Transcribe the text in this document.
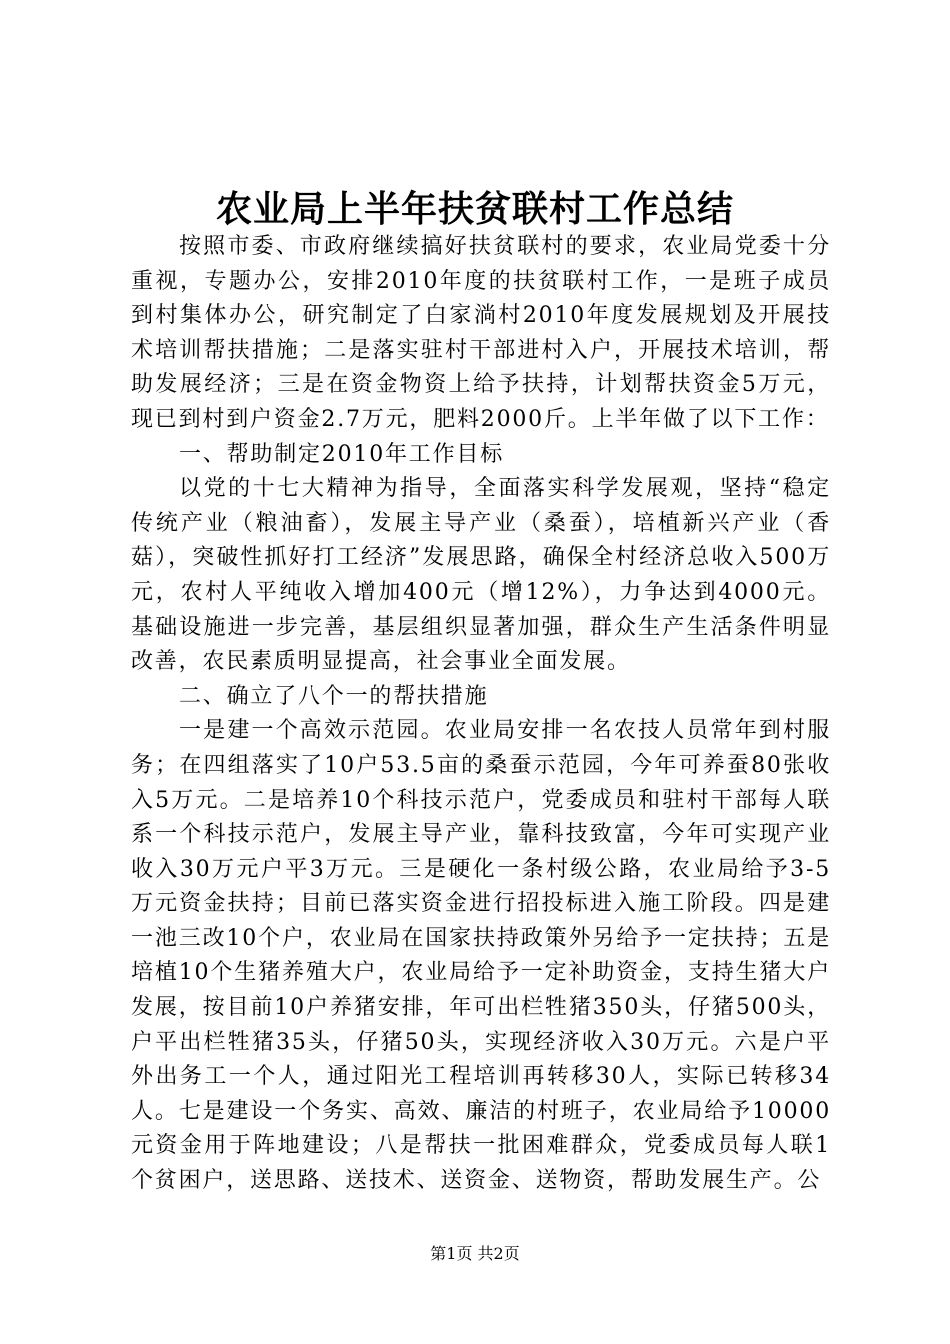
农业局上半年扶贫联村工作总结

按照市委、市政府继续搞好扶贫联村的要求，农业局党委十分重视，专题办公，安排2010年度的扶贫联村工作，一是班子成员到村集体办公，研究制定了白家淌村2010年度发展规划及开展技术培训帮扶措施；二是落实驻村干部进村入户，开展技术培训，帮助发展经济；三是在资金物资上给予扶持，计划帮扶资金5万元，现已到村到户资金2.7万元，肥料2000斤。上半年做了以下工作：

一、帮助制定2010年工作目标

以党的十七大精神为指导，全面落实科学发展观，坚持“稳定传统产业（粮油畜），发展主导产业（桑蚕），培植新兴产业（香菇），突破性抓好打工经济”发展思路，确保全村经济总收入500万元，农村人平纯收入增加400元（增12%），力争达到4000元。基础设施进一步完善，基层组织显著加强，群众生产生活条件明显改善，农民素质明显提高，社会事业全面发展。

二、确立了八个一的帮扶措施

一是建一个高效示范园。农业局安排一名农技人员常年到村服务；在四组落实了10户53.5亩的桑蚕示范园，今年可养蚕80张收入5万元。二是培养10个科技示范户，党委成员和驻村干部每人联系一个科技示范户，发展主导产业，靠科技致富，今年可实现产业收入30万元户平3万元。三是硬化一条村级公路，农业局给予3-5万元资金扶持；目前已落实资金进行招投标进入施工阶段。四是建一池三改10个户，农业局在国家扶持政策外另给予一定扶持；五是培植10个生猪养殖大户，农业局给予一定补助资金，支持生猪大户发展，按目前10户养猪安排，年可出栏牲猪350头，仔猪500头，户平出栏牲猪35头，仔猪50头，实现经济收入30万元。六是户平外出务工一个人，通过阳光工程培训再转移30人，实际已转移34人。七是建设一个务实、高效、廉洁的村班子，农业局给予10000元资金用于阵地建设；八是帮扶一批困难群众，党委成员每人联1个贫困户，送思路、送技术、送资金、送物资，帮助发展生产。公

第1页 共2页
